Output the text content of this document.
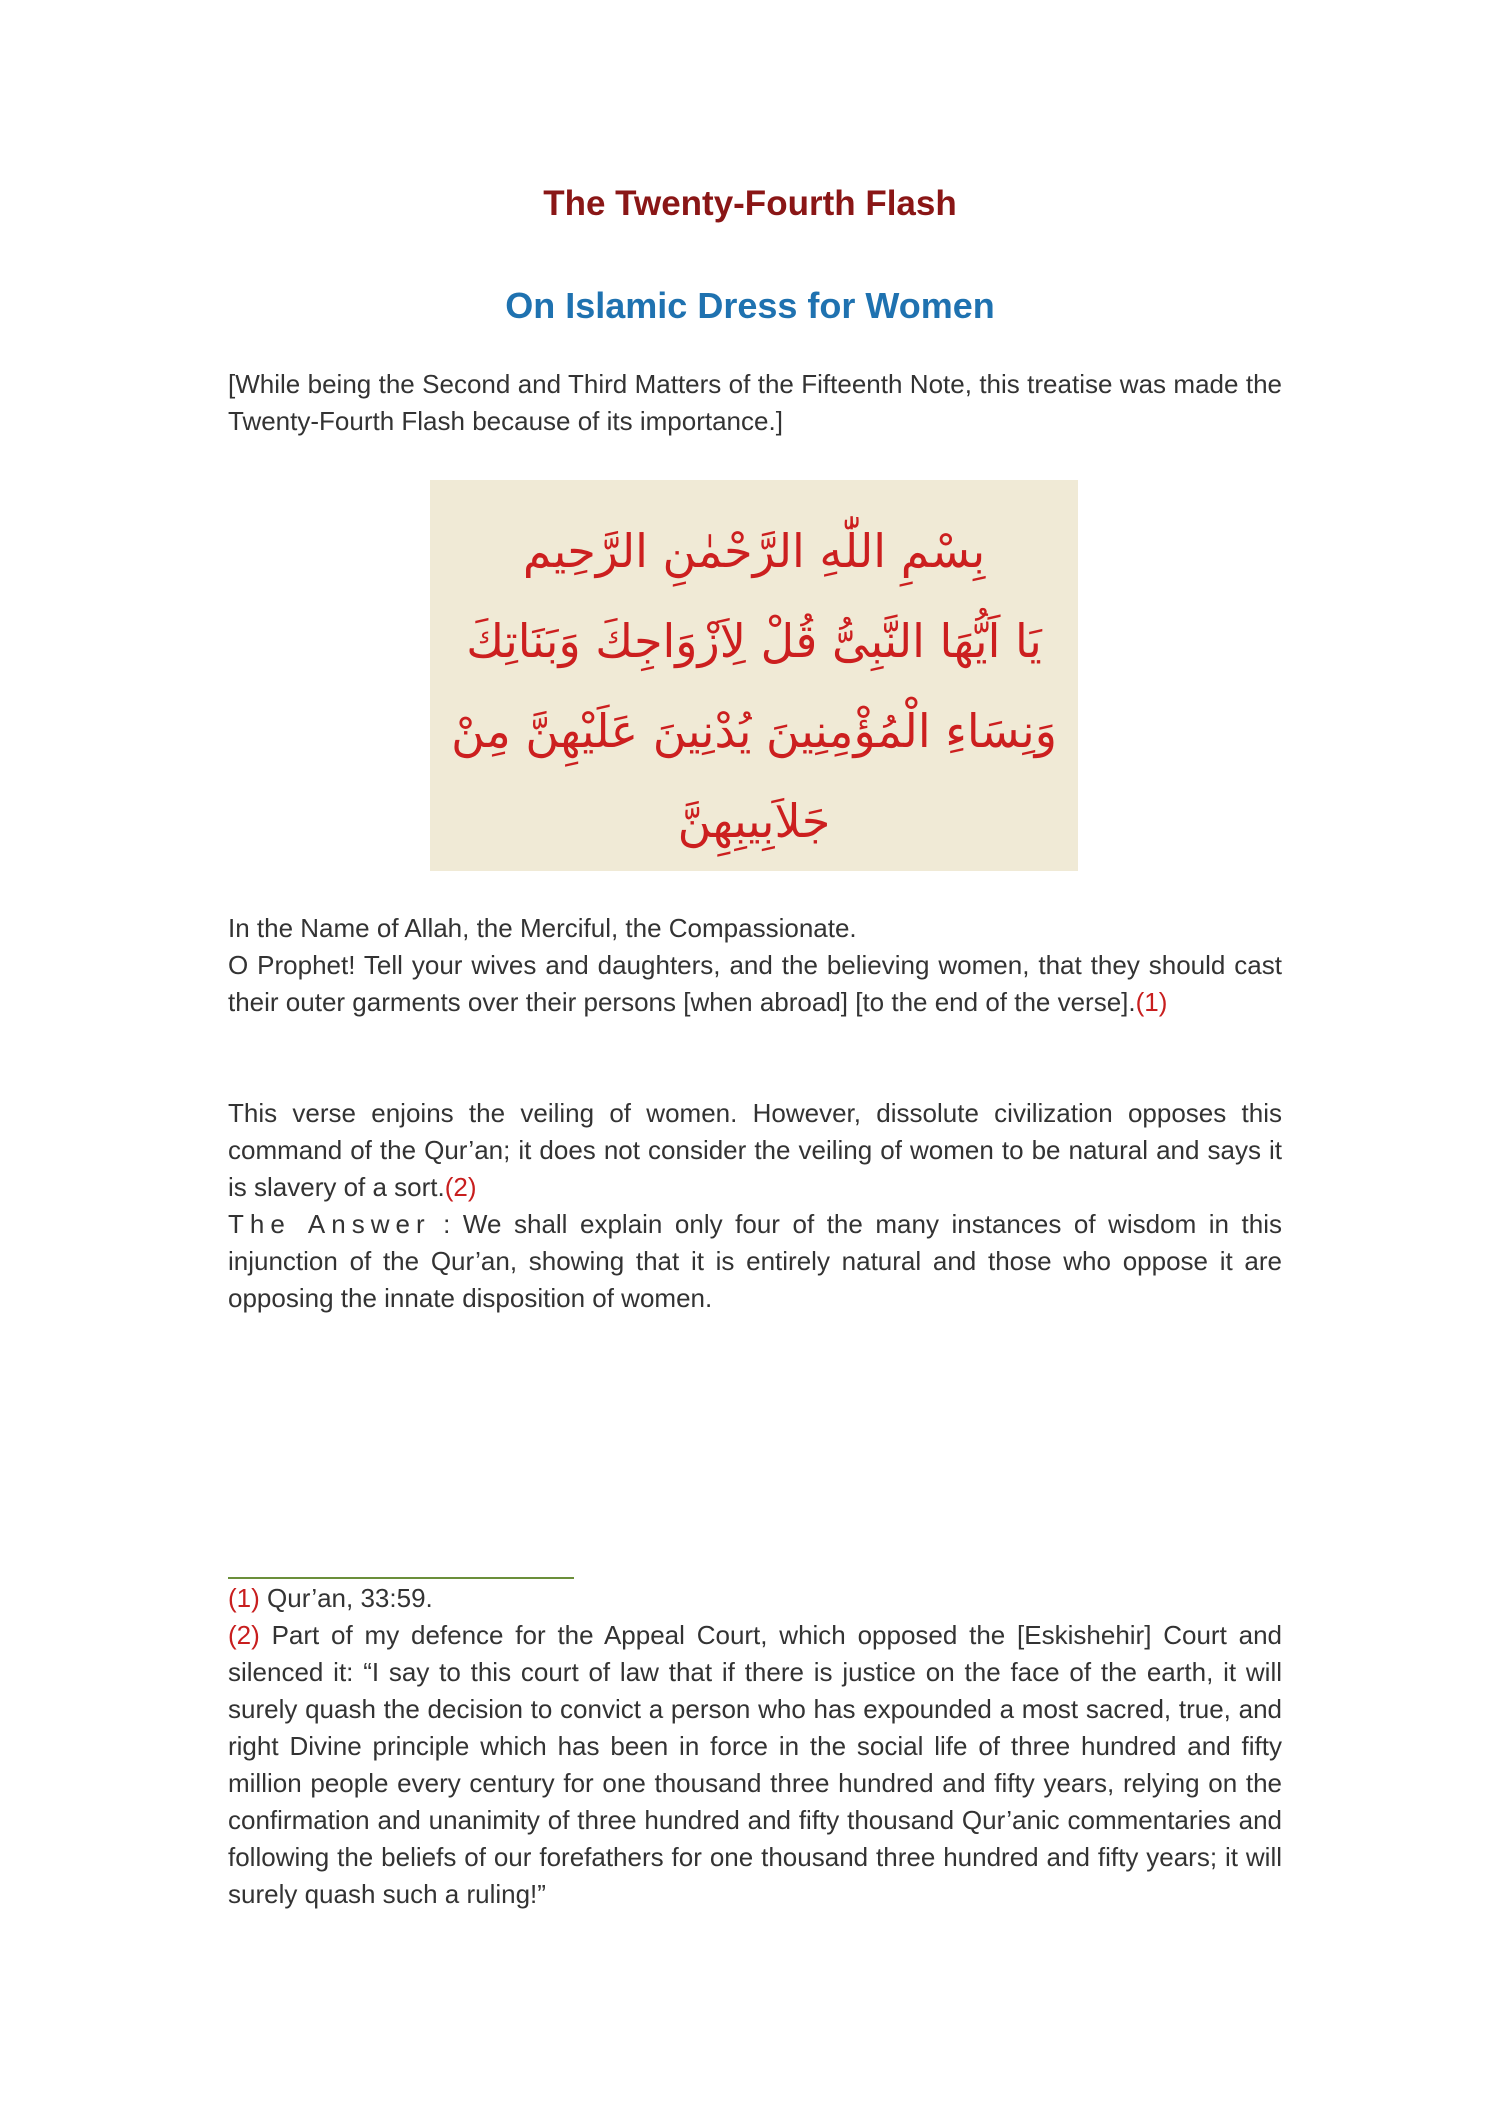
The Twenty-Fourth Flash
On Islamic Dress for Women

[While being the Second and Third Matters of the Fifteenth Note, this treatise was made the Twenty-Fourth Flash because of its importance.]

بِسْمِ اللّٰهِ الرَّحْمٰنِ الرَّحِيم
يَا اَيُّهَا النَّبِىُّ قُلْ لِاَزْوَاجِكَ وَبَنَاتِكَ
وَنِسَاءِ الْمُؤْمِنِينَ يُدْنِينَ عَلَيْهِنَّ مِنْ
جَلاَبِيبِهِنَّ

In the Name of Allah, the Merciful, the Compassionate.

O Prophet! Tell your wives and daughters, and the believing women, that they should cast their outer garments over their persons [when abroad] [to the end of the verse].(1)

This verse enjoins the veiling of women. However, dissolute civilization opposes this command of the Qur’an; it does not consider the veiling of women to be natural and says it is slavery of a sort.(2)

The Answer : We shall explain only four of the many instances of wisdom in this injunction of the Qur’an, showing that it is entirely natural and those who oppose it are opposing the innate disposition of women.

(1) Qur’an, 33:59.

(2) Part of my defence for the Appeal Court, which opposed the [Eskishehir] Court and silenced it: “I say to this court of law that if there is justice on the face of the earth, it will surely quash the decision to convict a person who has expounded a most sacred, true, and right Divine principle which has been in force in the social life of three hundred and fifty million people every century for one thousand three hundred and fifty years, relying on the confirmation and unanimity of three hundred and fifty thousand Qur’anic commentaries and following the beliefs of our forefathers for one thousand three hundred and fifty years; it will surely quash such a ruling!”
